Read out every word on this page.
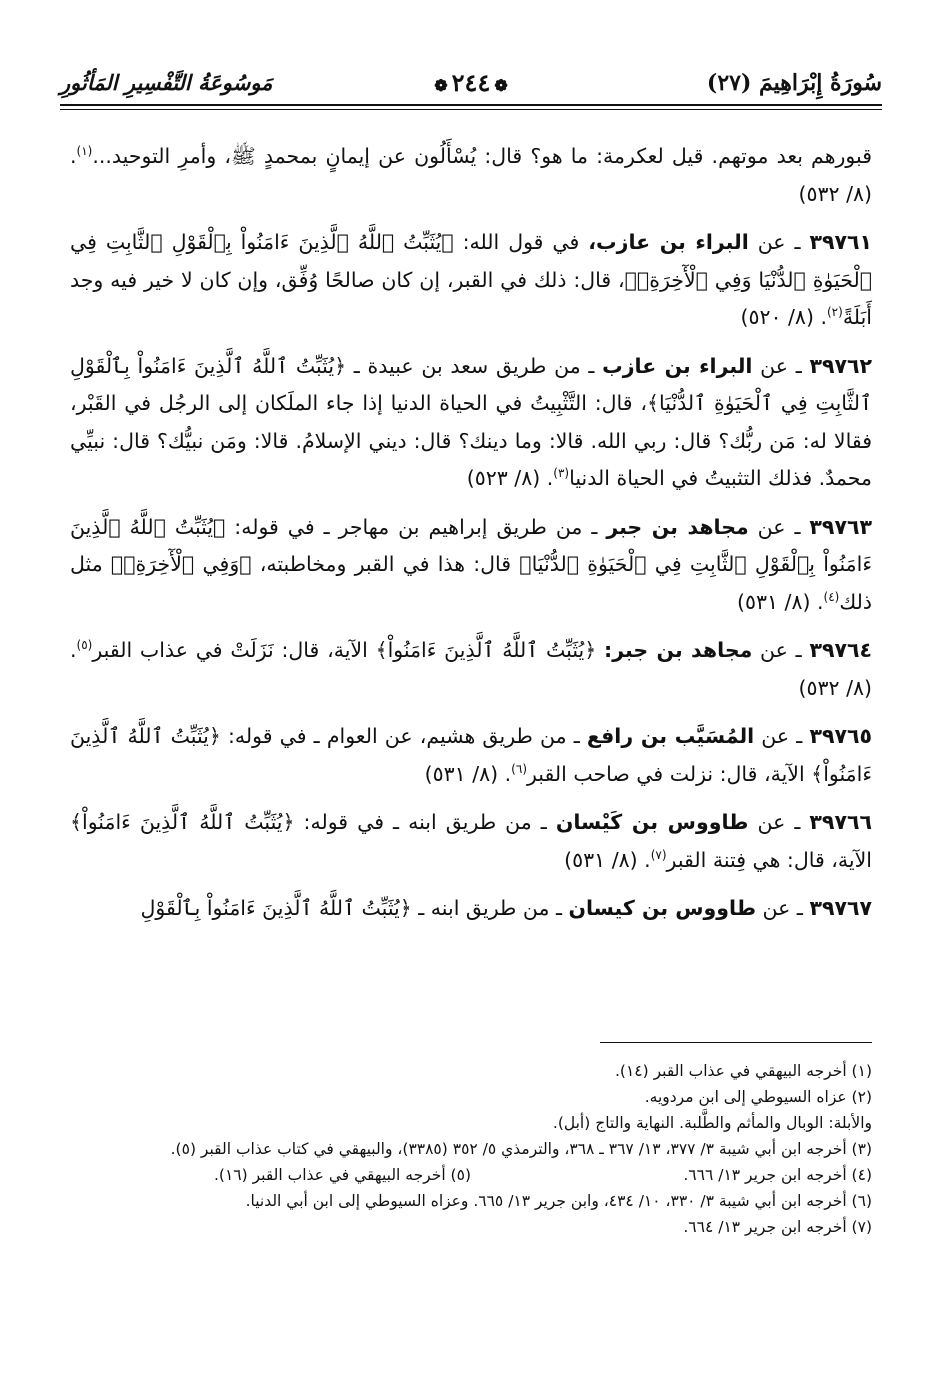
سُورَةُ إِبْرَاهِيمَ (٢٧)
❁٢٤٤❁
مَوسُوعَةُ التَّفْسِيرِ المَأثُورِ

قبورهم بعد موتهم. قيل لعكرمة: ما هو؟ قال: يُسْأَلُون عن إيمانٍ بمحمدٍ ﷺ، وأمرِ التوحيد...$^{(١)}$. (٨/ ٥٣٢)

٣٩٧٦١ ـ عن البراء بن عازب، في قول الله: ﴿يُثَبِّتُ ٱللَّهُ ٱلَّذِينَ ءَامَنُواْ بِٱلْقَوْلِ ٱلثَّابِتِ فِي ٱلْحَيَوٰةِ ٱلدُّنْيَا وَفِي ٱلْأٓخِرَةِۖ﴾، قال: ذلك في القبر، إن كان صالحًا وُفِّق، وإن كان لا خير فيه وجد أَبَلَةً$^{(٢)}$. (٨/ ٥٢٠)

٣٩٧٦٢ ـ عن البراء بن عازب ـ من طريق سعد بن عبيدة ـ ﴿يُثَبِّتُ ٱللَّهُ ٱلَّذِينَ ءَامَنُواْ بِٱلْقَوْلِ ٱلثَّابِتِ فِي ٱلْحَيَوٰةِ ٱلدُّنْيَا﴾، قال: التَّثْبِيتُ في الحياة الدنيا إذا جاء الملَكان إلى الرجُل في القَبْر، فقالا له: مَن ربُّك؟ قال: ربي الله. قالا: وما دينك؟ قال: ديني الإسلامُ. قالا: ومَن نبيُّك؟ قال: نبيِّي محمدٌ. فذلك التثبيتُ في الحياة الدنيا$^{(٣)}$. (٨/ ٥٢٣)

٣٩٧٦٣ ـ عن مجاهد بن جبر ـ من طريق إبراهيم بن مهاجر ـ في قوله: ﴿يُثَبِّتُ ٱللَّهُ ٱلَّذِينَ ءَامَنُواْ بِٱلْقَوْلِ ٱلثَّابِتِ فِي ٱلْحَيَوٰةِ ٱلدُّنْيَا﴾ قال: هذا في القبر ومخاطبته، ﴿وَفِي ٱلْأٓخِرَةِۖ﴾ مثل ذلك$^{(٤)}$. (٨/ ٥٣١)

٣٩٧٦٤ ـ عن مجاهد بن جبر: ﴿يُثَبِّتُ ٱللَّهُ ٱلَّذِينَ ءَامَنُواْ﴾ الآية، قال: نَزَلَتْ في عذاب القبر$^{(٥)}$. (٨/ ٥٣٢)

٣٩٧٦٥ ـ عن المُسَيَّب بن رافع ـ من طريق هشيم، عن العوام ـ في قوله: ﴿يُثَبِّتُ ٱللَّهُ ٱلَّذِينَ ءَامَنُواْ﴾ الآية، قال: نزلت في صاحب القبر$^{(٦)}$. (٨/ ٥٣١)

٣٩٧٦٦ ـ عن طاووس بن كَيْسان ـ من طريق ابنه ـ في قوله: ﴿يُثَبِّتُ ٱللَّهُ ٱلَّذِينَ ءَامَنُواْ﴾ الآية، قال: هي فِتنة القبر$^{(٧)}$. (٨/ ٥٣١)

٣٩٧٦٧ ـ عن طاووس بن كيسان ـ من طريق ابنه ـ ﴿يُثَبِّتُ ٱللَّهُ ٱلَّذِينَ ءَامَنُواْ بِٱلْقَوْلِ

(١) أخرجه البيهقي في عذاب القبر (١٤).

(٢) عزاه السيوطي إلى ابن مردويه.

والأبلة: الوبال والمأثم والطَّلبة. النهاية والتاج (أبل).

(٣) أخرجه ابن أبي شيبة ٣/ ٣٧٧، ١٣/ ٣٦٧ ـ ٣٦٨، والترمذي ٥/ ٣٥٢ (٣٣٨٥)، والبيهقي في كتاب عذاب القبر (٥).

(٤) أخرجه ابن جرير ١٣/ ٦٦٦.

(٥) أخرجه البيهقي في عذاب القبر (١٦).

(٦) أخرجه ابن أبي شيبة ٣/ ٣٣٠، ١٠/ ٤٣٤، وابن جرير ١٣/ ٦٦٥. وعزاه السيوطي إلى ابن أبي الدنيا.

(٧) أخرجه ابن جرير ١٣/ ٦٦٤.
